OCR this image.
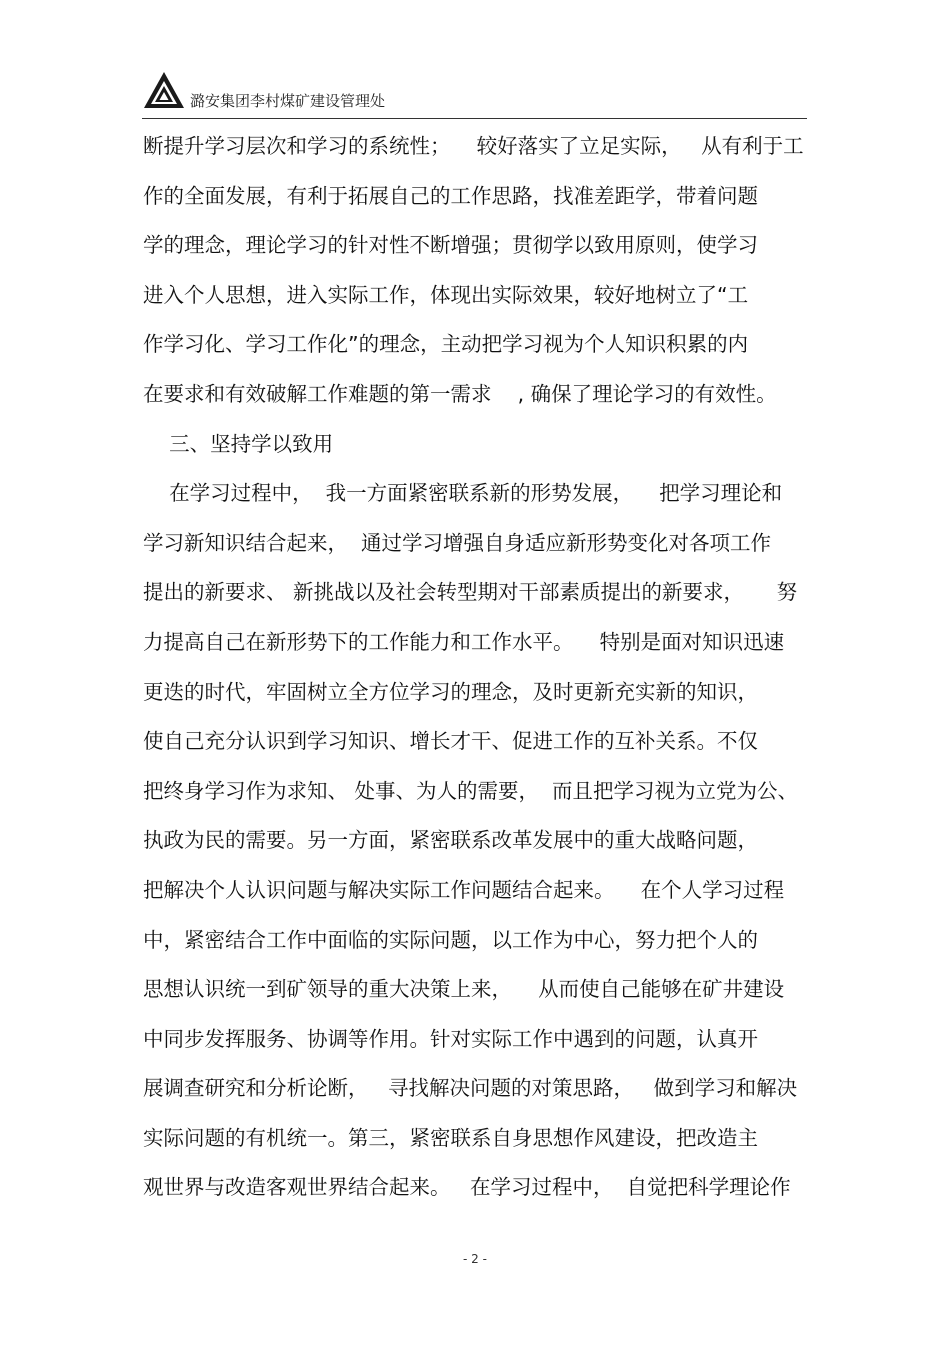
潞安集团李村煤矿建设管理处
断提升学习层次和学习的系统性；    较好落实了立足实际，   从有利于工
作的全面发展，有利于拓展自己的工作思路，找准差距学，带着问题
学的理念，理论学习的针对性不断增强；贯彻学以致用原则，使学习
进入个人思想，进入实际工作，体现出实际效果，较好地树立了“工
作学习化、学习工作化”的理念，主动把学习视为个人知识积累的内
在要求和有效破解工作难题的第一需求    , 确保了理论学习的有效性。
三、坚持学以致用
在学习过程中，  我一方面紧密联系新的形势发展，    把学习理论和
学习新知识结合起来，  通过学习增强自身适应新形势变化对各项工作
提出的新要求、 新挑战以及社会转型期对干部素质提出的新要求，     努
力提高自己在新形势下的工作能力和工作水平。    特别是面对知识迅速
更迭的时代，牢固树立全方位学习的理念，及时更新充实新的知识，
使自己充分认识到学习知识、增长才干、促进工作的互补关系。不仅
把终身学习作为求知、 处事、为人的需要，  而且把学习视为立党为公、
执政为民的需要。另一方面，紧密联系改革发展中的重大战略问题，
把解决个人认识问题与解决实际工作问题结合起来。    在个人学习过程
中，紧密结合工作中面临的实际问题，以工作为中心，努力把个人的
思想认识统一到矿领导的重大决策上来，    从而使自己能够在矿井建设
中同步发挥服务、协调等作用。针对实际工作中遇到的问题，认真开
展调查研究和分析论断，   寻找解决问题的对策思路，   做到学习和解决
实际问题的有机统一。第三，紧密联系自身思想作风建设，把改造主
观世界与改造客观世界结合起来。   在学习过程中，  自觉把科学理论作
- 2 -
